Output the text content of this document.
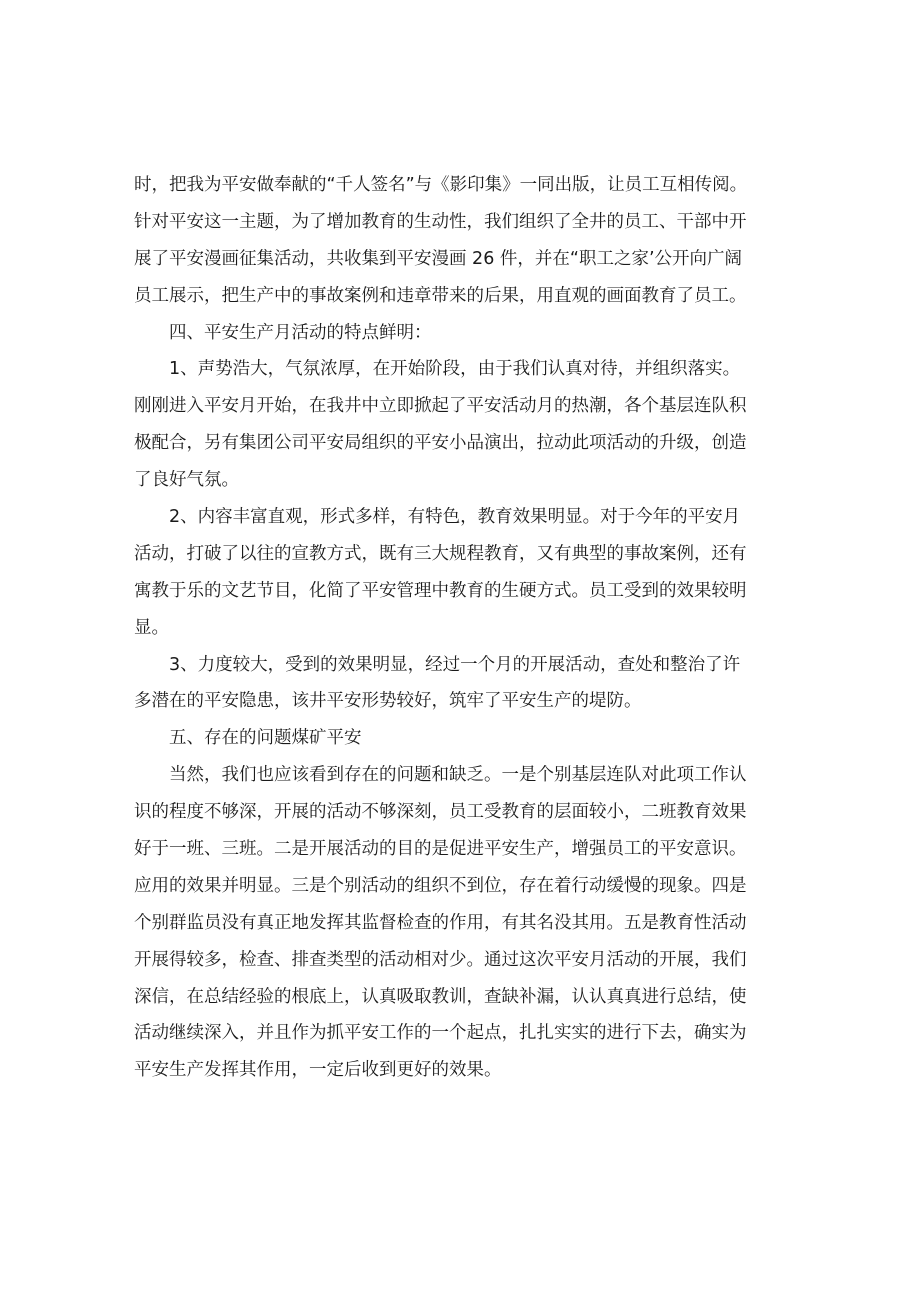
时，把我为平安做奉献的“千人签名”与《影印集》一同出版，让员工互相传阅。
针对平安这一主题，为了增加教育的生动性，我们组织了全井的员工、干部中开
展了平安漫画征集活动，共收集到平安漫画 26 件，并在“职工之家’公开向广阔
员工展示，把生产中的事故案例和违章带来的后果，用直观的画面教育了员工。
四、平安生产月活动的特点鲜明：
1、声势浩大，气氛浓厚，在开始阶段，由于我们认真对待，并组织落实。
刚刚进入平安月开始，在我井中立即掀起了平安活动月的热潮，各个基层连队积
极配合，另有集团公司平安局组织的平安小品演出，拉动此项活动的升级，创造
了良好气氛。
2、内容丰富直观，形式多样，有特色，教育效果明显。对于今年的平安月
活动，打破了以往的宣教方式，既有三大规程教育，又有典型的事故案例，还有
寓教于乐的文艺节目，化简了平安管理中教育的生硬方式。员工受到的效果较明
显。
3、力度较大，受到的效果明显，经过一个月的开展活动，查处和整治了许
多潜在的平安隐患，该井平安形势较好，筑牢了平安生产的堤防。
五、存在的问题煤矿平安
当然，我们也应该看到存在的问题和缺乏。一是个别基层连队对此项工作认
识的程度不够深，开展的活动不够深刻，员工受教育的层面较小，二班教育效果
好于一班、三班。二是开展活动的目的是促进平安生产，增强员工的平安意识。
应用的效果并明显。三是个别活动的组织不到位，存在着行动缓慢的现象。四是
个别群监员没有真正地发挥其监督检查的作用，有其名没其用。五是教育性活动
开展得较多，检查、排查类型的活动相对少。通过这次平安月活动的开展，我们
深信，在总结经验的根底上，认真吸取教训，查缺补漏，认认真真进行总结，使
活动继续深入，并且作为抓平安工作的一个起点，扎扎实实的进行下去，确实为
平安生产发挥其作用，一定后收到更好的效果。
